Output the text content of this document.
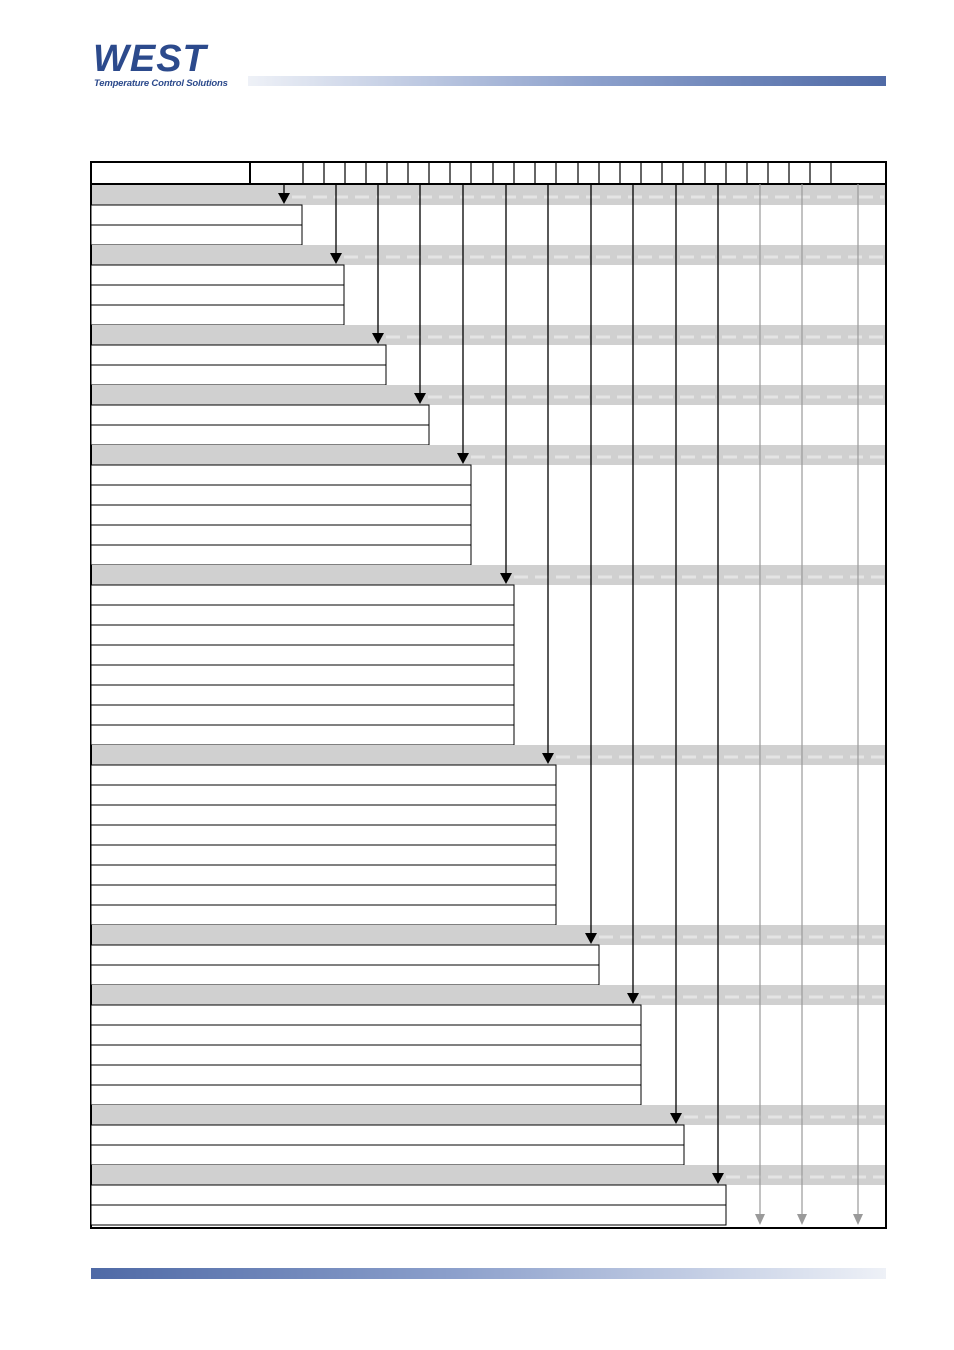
WEST
Temperature Control Solutions
